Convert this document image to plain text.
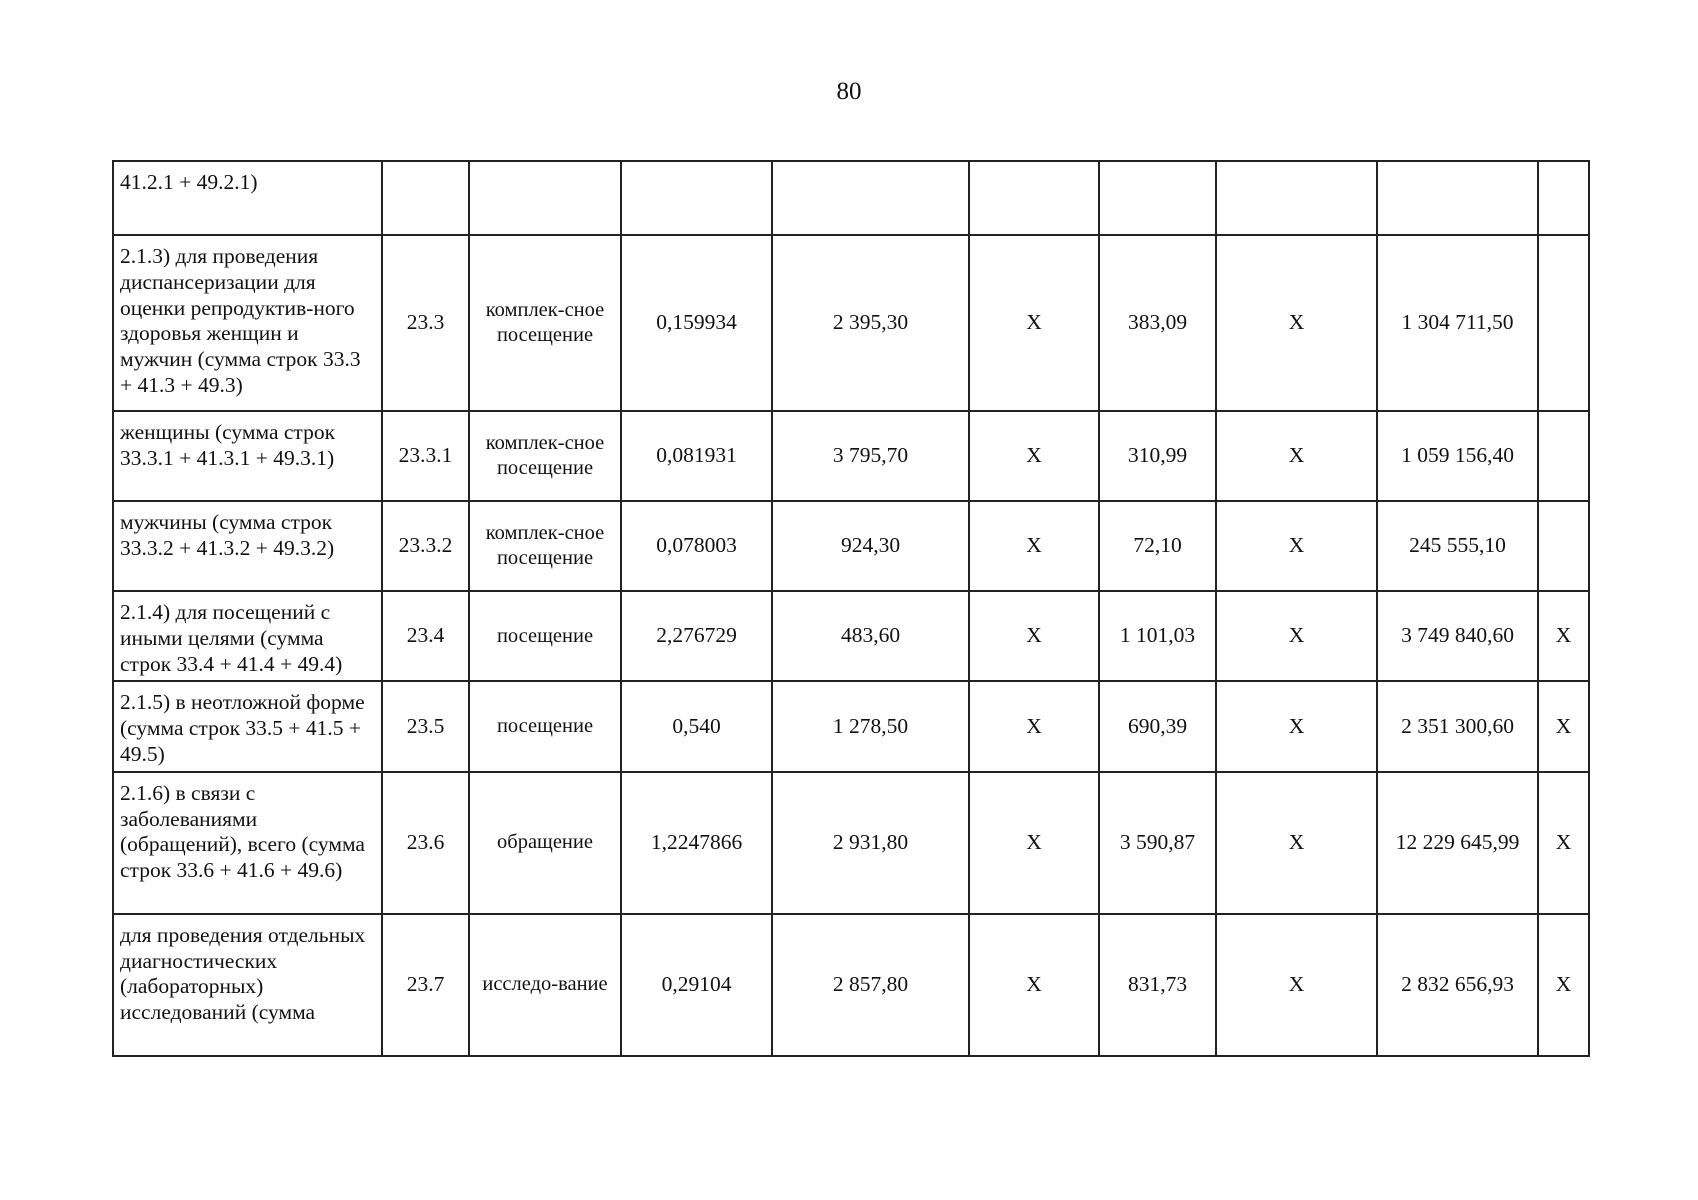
80
41.2.1 + 49.2.1)									
2.1.3) для проведения диспансеризации для оценки репродуктив-ного здоровья женщин и мужчин (сумма строк 33.3 + 41.3 + 49.3)	23.3	комплек-сное посещение	0,159934	2 395,30	X	383,09	X	1 304 711,50	
женщины (сумма строк 33.3.1 + 41.3.1 + 49.3.1)	23.3.1	комплек-сное посещение	0,081931	3 795,70	X	310,99	X	1 059 156,40	
мужчины (сумма строк 33.3.2 + 41.3.2 + 49.3.2)	23.3.2	комплек-сное посещение	0,078003	924,30	X	72,10	X	245 555,10	
2.1.4) для посещений с иными целями (сумма строк 33.4 + 41.4 + 49.4)	23.4	посещение	2,276729	483,60	X	1 101,03	X	3 749 840,60	X
2.1.5) в неотложной форме (сумма строк 33.5 + 41.5 + 49.5)	23.5	посещение	0,540	1 278,50	X	690,39	X	2 351 300,60	X
2.1.6) в связи с заболеваниями (обращений), всего (сумма строк 33.6 + 41.6 + 49.6)	23.6	обращение	1,2247866	2 931,80	X	3 590,87	X	12 229 645,99	X
для проведения отдельных диагностических (лабораторных) исследований (сумма	23.7	исследо-вание	0,29104	2 857,80	X	831,73	X	2 832 656,93	X
